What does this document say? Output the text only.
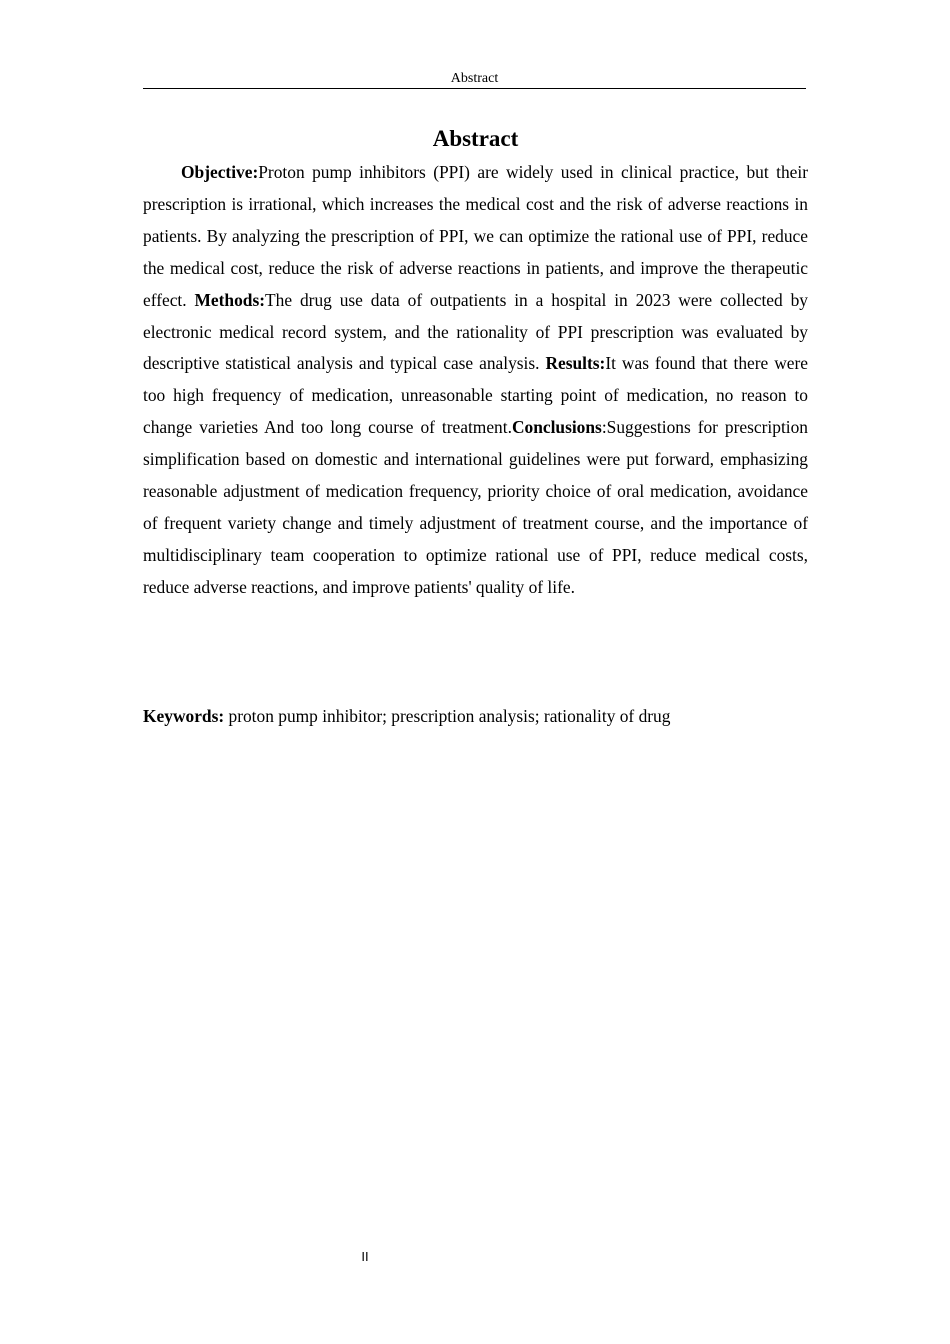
Abstract
Abstract

Objective:Proton pump inhibitors (PPI) are widely used in clinical practice, but their prescription is irrational, which increases the medical cost and the risk of adverse reactions in patients. By analyzing the prescription of PPI, we can optimize the rational use of PPI, reduce the medical cost, reduce the risk of adverse reactions in patients, and improve the therapeutic effect. Methods:The drug use data of outpatients in a hospital in 2023 were collected by electronic medical record system, and the rationality of PPI prescription was evaluated by descriptive statistical analysis and typical case analysis. Results:It was found that there were too high frequency of medication, unreasonable starting point of medication, no reason to change varieties And too long course of treatment.Conclusions:Suggestions for prescription simplification based on domestic and international guidelines were put forward, emphasizing reasonable adjustment of medication frequency, priority choice of oral medication, avoidance of frequent variety change and timely adjustment of treatment course, and the importance of multidisciplinary team cooperation to optimize rational use of PPI, reduce medical costs, reduce adverse reactions, and improve patients' quality of life.

Keywords: proton pump inhibitor; prescription analysis; rationality of drug

II
